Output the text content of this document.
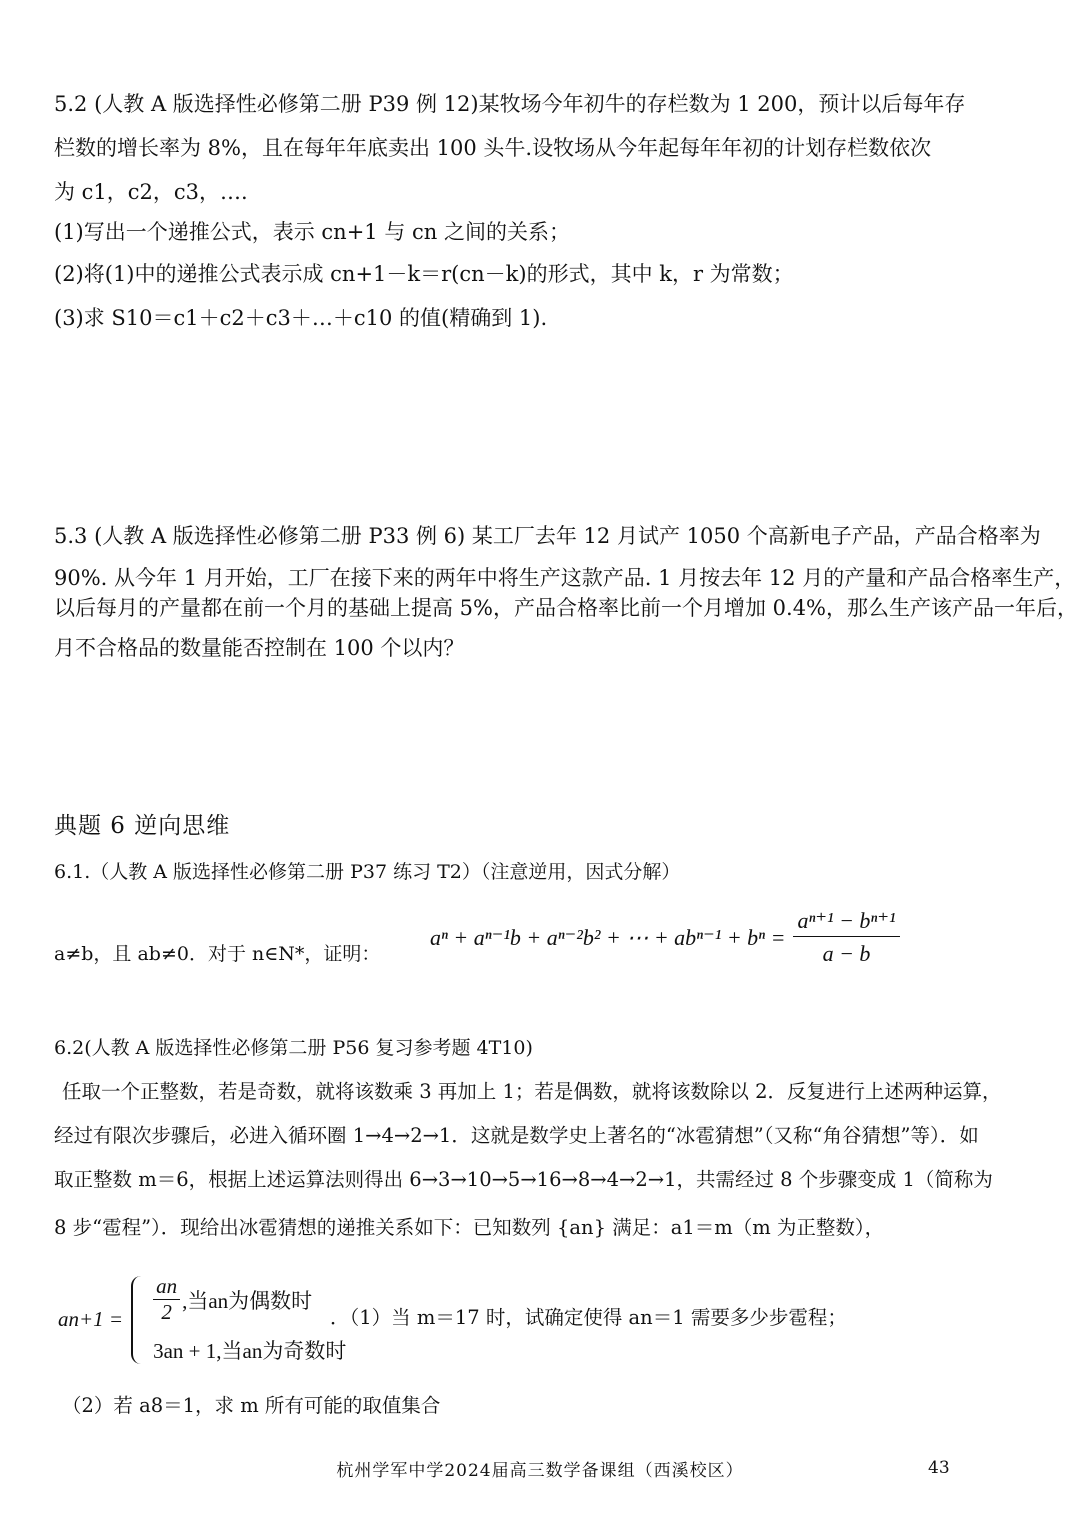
5.2 (人教 A 版选择性必修第二册 P39 例 12)某牧场今年初牛的存栏数为 1 200，预计以后每年存
栏数的增长率为 8%，且在每年年底卖出 100 头牛.设牧场从今年起每年年初的计划存栏数依次
为 c1，c2，c3，….
(1)写出一个递推公式，表示 cn+1 与 cn 之间的关系；
(2)将(1)中的递推公式表示成 cn+1－k＝r(cn－k)的形式，其中 k，r 为常数；
(3)求 S10＝c1＋c2＋c3＋…＋c10 的值(精确到 1).
5.3 (人教 A 版选择性必修第二册 P33 例 6) 某工厂去年 12 月试产 1050 个高新电子产品，产品合格率为
90%. 从今年 1 月开始，工厂在接下来的两年中将生产这款产品. 1 月按去年 12 月的产量和产品合格率生产，
以后每月的产量都在前一个月的基础上提高 5%，产品合格率比前一个月增加 0.4%，那么生产该产品一年后，
月不合格品的数量能否控制在 100 个以内？
典题 6 逆向思维
6.1.（人教 A 版选择性必修第二册 P37 练习 T2）（注意逆用，因式分解）
a≠b，且 ab≠0．对于 n∈N*，证明：
aⁿ + aⁿ⁻¹b + aⁿ⁻²b² + ⋯ + $ab^{n-1} + b^n = \frac{\text{aⁿ⁺¹ − bⁿ⁺¹}}{a - b}$
6.2(人教 A 版选择性必修第二册 P56 复习参考题 4T10)
任取一个正整数，若是奇数，就将该数乘 3 再加上 1；若是偶数，就将该数除以 2．反复进行上述两种运算，
经过有限次步骤后，必进入循环圈 1→4→2→1．这就是数学史上著名的“冰雹猜想”（又称“角谷猜想”等）．如
取正整数 m＝6，根据上述运算法则得出 6→3→10→5→16→8→4→2→1，共需经过 8 个步骤变成 1（简称为
8 步“雹程”）．现给出冰雹猜想的递推关系如下：已知数列 {an} 满足：a1＝m（m 为正整数），
$an+1 = \frac{an}{2}$ ,当an为偶数时
3an + 1,当an为奇数时
．（1）当 m＝17 时，试确定使得 an＝1 需要多少步雹程；
（2）若 a8＝1，求 m 所有可能的取值集合
杭州学军中学2024届高三数学备课组（西溪校区）	43
